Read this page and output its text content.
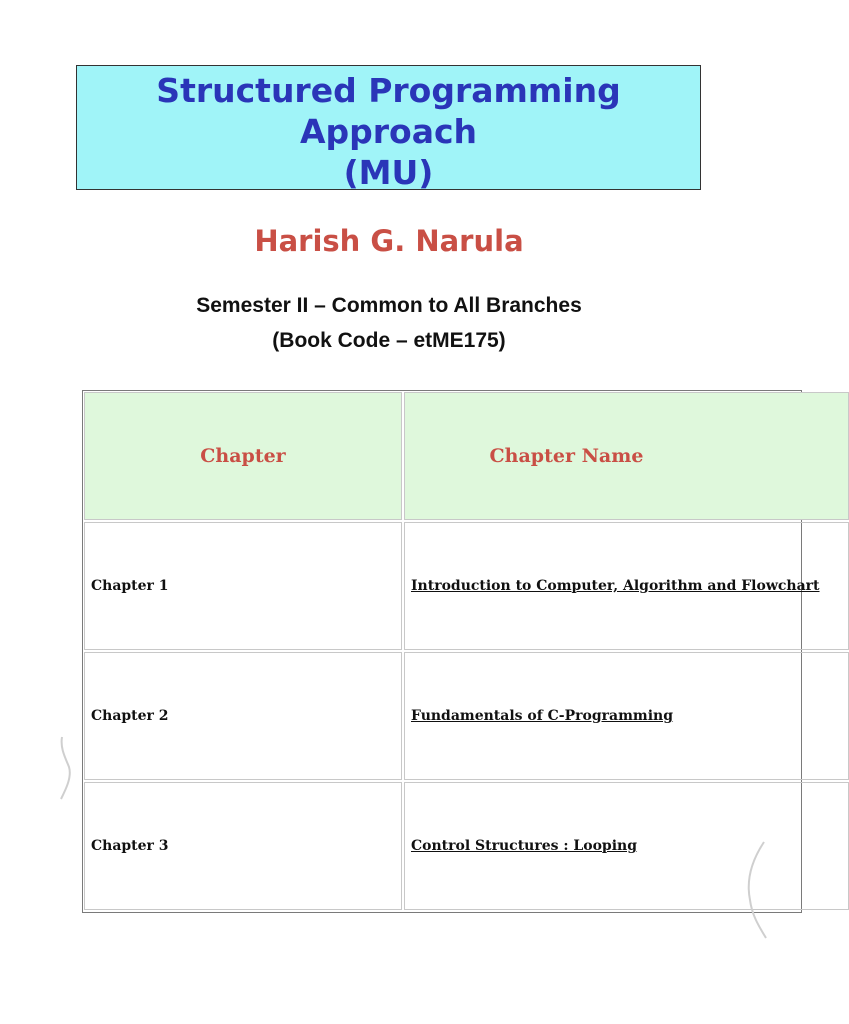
Structured Programming
Approach
(MU)
Harish G. Narula
Semester II – Common to All Branches
(Book Code – etME175)
Chapter	Chapter Name
Chapter 1	Introduction to Computer, Algorithm and Flowchart
Chapter 2	Fundamentals of C-Programming
Chapter 3	Control Structures : Looping
